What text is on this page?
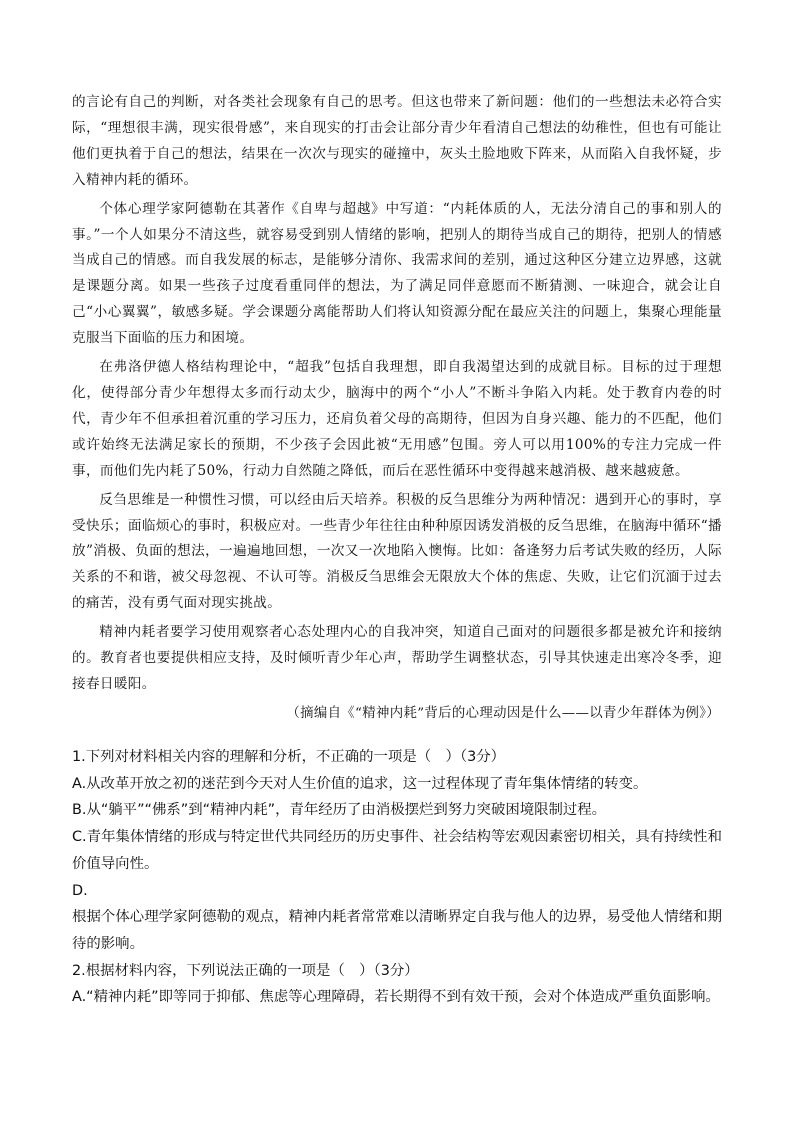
的言论有自己的判断，对各类社会现象有自己的思考。但这也带来了新问题：他们的一些想法未必符合实际，“理想很丰满，现实很骨感”，来自现实的打击会让部分青少年看清自己想法的幼稚性，但也有可能让他们更执着于自己的想法，结果在一次次与现实的碰撞中，灰头土脸地败下阵来，从而陷入自我怀疑，步入精神内耗的循环。

个体心理学家阿德勒在其著作《自卑与超越》中写道：“内耗体质的人，无法分清自己的事和别人的事。”一个人如果分不清这些，就容易受到别人情绪的影响，把别人的期待当成自己的期待，把别人的情感当成自己的情感。而自我发展的标志，是能够分清你、我需求间的差别，通过这种区分建立边界感，这就是课题分离。如果一些孩子过度看重同伴的想法，为了满足同伴意愿而不断猜测、一味迎合，就会让自己“小心翼翼”，敏感多疑。学会课题分离能帮助人们将认知资源分配在最应关注的问题上，集聚心理能量克服当下面临的压力和困境。

在弗洛伊德人格结构理论中，“超我”包括自我理想，即自我渴望达到的成就目标。目标的过于理想化，使得部分青少年想得太多而行动太少，脑海中的两个“小人”不断斗争陷入内耗。处于教育内卷的时代，青少年不但承担着沉重的学习压力，还肩负着父母的高期待，但因为自身兴趣、能力的不匹配，他们或许始终无法满足家长的预期，不少孩子会因此被“无用感”包围。旁人可以用100%的专注力完成一件事，而他们先内耗了50%，行动力自然随之降低，而后在恶性循环中变得越来越消极、越来越疲惫。

反刍思维是一种惯性习惯，可以经由后天培养。积极的反刍思维分为两种情况：遇到开心的事时，享受快乐；面临烦心的事时，积极应对。一些青少年往往由种种原因诱发消极的反刍思维，在脑海中循环“播放”消极、负面的想法，一遍遍地回想，一次又一次地陷入懊悔。比如：备逢努力后考试失败的经历，人际关系的不和谐，被父母忽视、不认可等。消极反刍思维会无限放大个体的焦虑、失败，让它们沉湎于过去的痛苦，没有勇气面对现实挑战。

精神内耗者要学习使用观察者心态处理内心的自我冲突，知道自己面对的问题很多都是被允许和接纳的。教育者也要提供相应支持，及时倾听青少年心声，帮助学生调整状态，引导其快速走出寒冷冬季，迎接春日暖阳。

（摘编自《“精神内耗”背后的心理动因是什么——以青少年群体为例》）
1.下列对材料相关内容的理解和分析，不正确的一项是（　）（3分）
A.从改革开放之初的迷茫到今天对人生价值的追求，这一过程体现了青年集体情绪的转变。
B.从“躺平”“佛系”到“精神内耗”，青年经历了由消极摆烂到努力突破困境限制过程。
C.青年集体情绪的形成与特定世代共同经历的历史事件、社会结构等宏观因素密切相关，具有持续性和价值导向性。
D.
根据个体心理学家阿德勒的观点，精神内耗者常常难以清晰界定自我与他人的边界，易受他人情绪和期待的影响。
2.根据材料内容，下列说法正确的一项是（　）（3分）
A.“精神内耗”即等同于抑郁、焦虑等心理障碍，若长期得不到有效干预，会对个体造成严重负面影响。
